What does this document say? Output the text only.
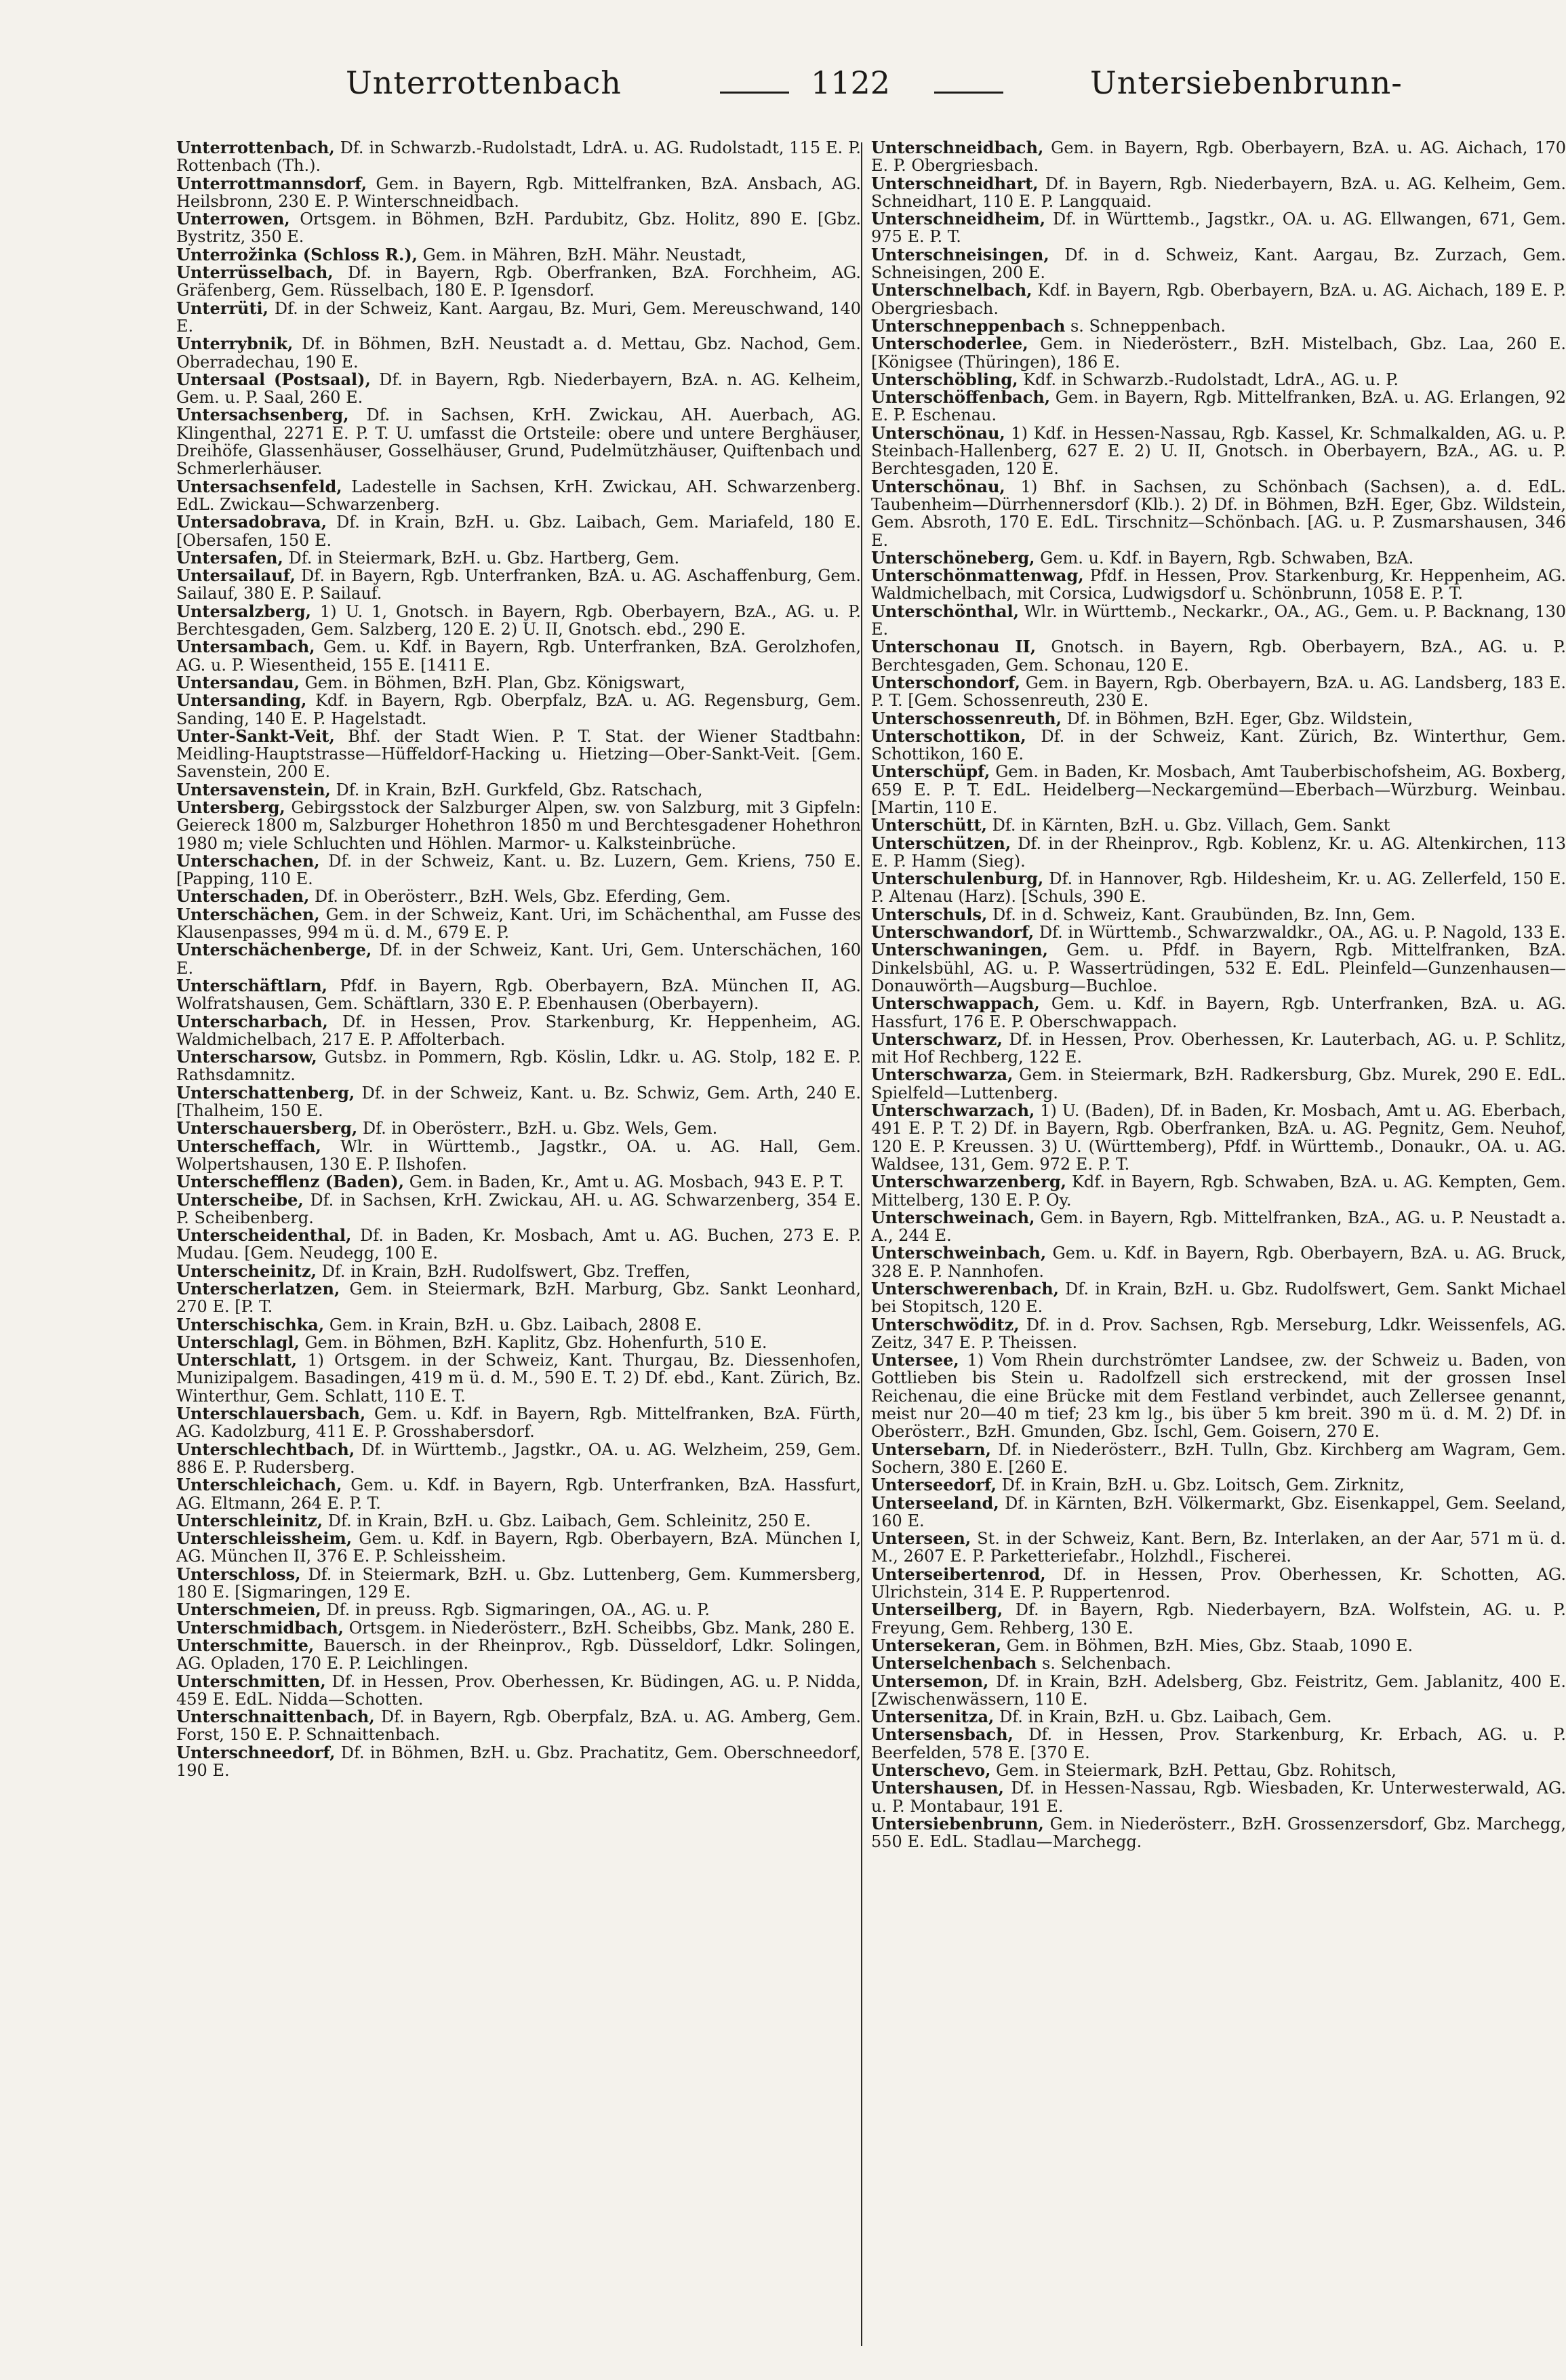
Unterrottenbach	1122	Untersiebenbrunn-

Unterrottenbach, Df. in Schwarzb.-Rudolstadt, LdrA. u. AG. Rudolstadt, 115 E. P. Rottenbach (Th.).

Unterrottmannsdorf, Gem. in Bayern, Rgb. Mittelfranken, BzA. Ansbach, AG. Heilsbronn, 230 E. P. Winterschneidbach.

Unterrowen, Ortsgem. in Böhmen, BzH. Pardubitz, Gbz. Holitz, 890 E. [Gbz. Bystritz, 350 E.

Unterrožinka (Schloss R.), Gem. in Mähren, BzH. Mähr. Neustadt,

Unterrüsselbach, Df. in Bayern, Rgb. Oberfranken, BzA. Forchheim, AG. Gräfenberg, Gem. Rüsselbach, 180 E. P. Igensdorf.

Unterrüti, Df. in der Schweiz, Kant. Aargau, Bz. Muri, Gem. Mereuschwand, 140 E.

Unterrybnik, Df. in Böhmen, BzH. Neustadt a. d. Mettau, Gbz. Nachod, Gem. Oberradechau, 190 E.

Untersaal (Postsaal), Df. in Bayern, Rgb. Niederbayern, BzA. n. AG. Kelheim, Gem. u. P. Saal, 260 E.

Untersachsenberg, Df. in Sachsen, KrH. Zwickau, AH. Auerbach, AG. Klingenthal, 2271 E. P. T. U. umfasst die Ortsteile: obere und untere Berghäuser, Dreihöfe, Glassenhäuser, Gosselhäuser, Grund, Pudelmützhäuser, Quiftenbach und Schmerlerhäuser.

Untersachsenfeld, Ladestelle in Sachsen, KrH. Zwickau, AH. Schwarzenberg. EdL. Zwickau—Schwarzenberg.

Untersadobrava, Df. in Krain, BzH. u. Gbz. Laibach, Gem. Mariafeld, 180 E. [Obersafen, 150 E.

Untersafen, Df. in Steiermark, BzH. u. Gbz. Hartberg, Gem.

Untersailauf, Df. in Bayern, Rgb. Unterfranken, BzA. u. AG. Aschaffenburg, Gem. Sailauf, 380 E. P. Sailauf.

Untersalzberg, 1) U. 1, Gnotsch. in Bayern, Rgb. Oberbayern, BzA., AG. u. P. Berchtesgaden, Gem. Salzberg, 120 E. 2) U. II, Gnotsch. ebd., 290 E.

Untersambach, Gem. u. Kdf. in Bayern, Rgb. Unterfranken, BzA. Gerolzhofen, AG. u. P. Wiesentheid, 155 E. [1411 E.

Untersandau, Gem. in Böhmen, BzH. Plan, Gbz. Königswart,

Untersanding, Kdf. in Bayern, Rgb. Oberpfalz, BzA. u. AG. Regensburg, Gem. Sanding, 140 E. P. Hagelstadt.

Unter-Sankt-Veit, Bhf. der Stadt Wien. P. T. Stat. der Wiener Stadtbahn: Meidling-Hauptstrasse—Hüffeldorf-Hacking u. Hietzing—Ober-Sankt-Veit. [Gem. Savenstein, 200 E.

Untersavenstein, Df. in Krain, BzH. Gurkfeld, Gbz. Ratschach,

Untersberg, Gebirgsstock der Salzburger Alpen, sw. von Salzburg, mit 3 Gipfeln: Geiereck 1800 m, Salzburger Hohethron 1850 m und Berchtesgadener Hohethron 1980 m; viele Schluchten und Höhlen. Marmor- u. Kalksteinbrüche.

Unterschachen, Df. in der Schweiz, Kant. u. Bz. Luzern, Gem. Kriens, 750 E. [Papping, 110 E.

Unterschaden, Df. in Oberösterr., BzH. Wels, Gbz. Eferding, Gem.

Unterschächen, Gem. in der Schweiz, Kant. Uri, im Schächenthal, am Fusse des Klausenpasses, 994 m ü. d. M., 679 E. P.

Unterschächenberge, Df. in der Schweiz, Kant. Uri, Gem. Unterschächen, 160 E.

Unterschäftlarn, Pfdf. in Bayern, Rgb. Oberbayern, BzA. München II, AG. Wolfratshausen, Gem. Schäftlarn, 330 E. P. Ebenhausen (Oberbayern).

Unterscharbach, Df. in Hessen, Prov. Starkenburg, Kr. Heppenheim, AG. Waldmichelbach, 217 E. P. Affolterbach.

Unterscharsow, Gutsbz. in Pommern, Rgb. Köslin, Ldkr. u. AG. Stolp, 182 E. P. Rathsdamnitz.

Unterschattenberg, Df. in der Schweiz, Kant. u. Bz. Schwiz, Gem. Arth, 240 E. [Thalheim, 150 E.

Unterschauersberg, Df. in Oberösterr., BzH. u. Gbz. Wels, Gem.

Unterscheffach, Wlr. in Württemb., Jagstkr., OA. u. AG. Hall, Gem. Wolpertshausen, 130 E. P. Ilshofen.

Unterschefflenz (Baden), Gem. in Baden, Kr., Amt u. AG. Mosbach, 943 E. P. T.

Unterscheibe, Df. in Sachsen, KrH. Zwickau, AH. u. AG. Schwarzenberg, 354 E. P. Scheibenberg.

Unterscheidenthal, Df. in Baden, Kr. Mosbach, Amt u. AG. Buchen, 273 E. P. Mudau. [Gem. Neudegg, 100 E.

Unterscheinitz, Df. in Krain, BzH. Rudolfswert, Gbz. Treffen,

Unterscherlatzen, Gem. in Steiermark, BzH. Marburg, Gbz. Sankt Leonhard, 270 E. [P. T.

Unterschischka, Gem. in Krain, BzH. u. Gbz. Laibach, 2808 E.

Unterschlagl, Gem. in Böhmen, BzH. Kaplitz, Gbz. Hohenfurth, 510 E.

Unterschlatt, 1) Ortsgem. in der Schweiz, Kant. Thurgau, Bz. Diessenhofen, Munizipalgem. Basadingen, 419 m ü. d. M., 590 E. T. 2) Df. ebd., Kant. Zürich, Bz. Winterthur, Gem. Schlatt, 110 E. T.

Unterschlauersbach, Gem. u. Kdf. in Bayern, Rgb. Mittelfranken, BzA. Fürth, AG. Kadolzburg, 411 E. P. Grosshabersdorf.

Unterschlechtbach, Df. in Württemb., Jagstkr., OA. u. AG. Welzheim, 259, Gem. 886 E. P. Rudersberg.

Unterschleichach, Gem. u. Kdf. in Bayern, Rgb. Unterfranken, BzA. Hassfurt, AG. Eltmann, 264 E. P. T.

Unterschleinitz, Df. in Krain, BzH. u. Gbz. Laibach, Gem. Schleinitz, 250 E.

Unterschleissheim, Gem. u. Kdf. in Bayern, Rgb. Oberbayern, BzA. München I, AG. München II, 376 E. P. Schleissheim.

Unterschloss, Df. in Steiermark, BzH. u. Gbz. Luttenberg, Gem. Kummersberg, 180 E. [Sigmaringen, 129 E.

Unterschmeien, Df. in preuss. Rgb. Sigmaringen, OA., AG. u. P.

Unterschmidbach, Ortsgem. in Niederösterr., BzH. Scheibbs, Gbz. Mank, 280 E.

Unterschmitte, Bauersch. in der Rheinprov., Rgb. Düsseldorf, Ldkr. Solingen, AG. Opladen, 170 E. P. Leichlingen.

Unterschmitten, Df. in Hessen, Prov. Oberhessen, Kr. Büdingen, AG. u. P. Nidda, 459 E. EdL. Nidda—Schotten.

Unterschnaittenbach, Df. in Bayern, Rgb. Oberpfalz, BzA. u. AG. Amberg, Gem. Forst, 150 E. P. Schnaittenbach.

Unterschneedorf, Df. in Böhmen, BzH. u. Gbz. Prachatitz, Gem. Oberschneedorf, 190 E.

Unterschneidbach, Gem. in Bayern, Rgb. Oberbayern, BzA. u. AG. Aichach, 170 E. P. Obergriesbach.

Unterschneidhart, Df. in Bayern, Rgb. Niederbayern, BzA. u. AG. Kelheim, Gem. Schneidhart, 110 E. P. Langquaid.

Unterschneidheim, Df. in Württemb., Jagstkr., OA. u. AG. Ellwangen, 671, Gem. 975 E. P. T.

Unterschneisingen, Df. in d. Schweiz, Kant. Aargau, Bz. Zurzach, Gem. Schneisingen, 200 E.

Unterschnelbach, Kdf. in Bayern, Rgb. Oberbayern, BzA. u. AG. Aichach, 189 E. P. Obergriesbach.

Unterschneppenbach s. Schneppenbach.

Unterschoderlee, Gem. in Niederösterr., BzH. Mistelbach, Gbz. Laa, 260 E. [Königsee (Thüringen), 186 E.

Unterschöbling, Kdf. in Schwarzb.-Rudolstadt, LdrA., AG. u. P.

Unterschöffenbach, Gem. in Bayern, Rgb. Mittelfranken, BzA. u. AG. Erlangen, 92 E. P. Eschenau.

Unterschönau, 1) Kdf. in Hessen-Nassau, Rgb. Kassel, Kr. Schmalkalden, AG. u. P. Steinbach-Hallenberg, 627 E. 2) U. II, Gnotsch. in Oberbayern, BzA., AG. u. P. Berchtesgaden, 120 E.

Unterschönau, 1) Bhf. in Sachsen, zu Schönbach (Sachsen), a. d. EdL. Taubenheim—Dürrhennersdorf (Klb.). 2) Df. in Böhmen, BzH. Eger, Gbz. Wildstein, Gem. Absroth, 170 E. EdL. Tirschnitz—Schönbach. [AG. u. P. Zusmarshausen, 346 E.

Unterschöneberg, Gem. u. Kdf. in Bayern, Rgb. Schwaben, BzA.

Unterschönmattenwag, Pfdf. in Hessen, Prov. Starkenburg, Kr. Heppenheim, AG. Waldmichelbach, mit Corsica, Ludwigsdorf u. Schönbrunn, 1058 E. P. T.

Unterschönthal, Wlr. in Württemb., Neckarkr., OA., AG., Gem. u. P. Backnang, 130 E.

Unterschonau II, Gnotsch. in Bayern, Rgb. Oberbayern, BzA., AG. u. P. Berchtesgaden, Gem. Schonau, 120 E.

Unterschondorf, Gem. in Bayern, Rgb. Oberbayern, BzA. u. AG. Landsberg, 183 E. P. T. [Gem. Schossenreuth, 230 E.

Unterschossenreuth, Df. in Böhmen, BzH. Eger, Gbz. Wildstein,

Unterschottikon, Df. in der Schweiz, Kant. Zürich, Bz. Winterthur, Gem. Schottikon, 160 E.

Unterschüpf, Gem. in Baden, Kr. Mosbach, Amt Tauberbischofsheim, AG. Boxberg, 659 E. P. T. EdL. Heidelberg—Neckargemünd—Eberbach—Würzburg. Weinbau. [Martin, 110 E.

Unterschütt, Df. in Kärnten, BzH. u. Gbz. Villach, Gem. Sankt

Unterschützen, Df. in der Rheinprov., Rgb. Koblenz, Kr. u. AG. Altenkirchen, 113 E. P. Hamm (Sieg).

Unterschulenburg, Df. in Hannover, Rgb. Hildesheim, Kr. u. AG. Zellerfeld, 150 E. P. Altenau (Harz). [Schuls, 390 E.

Unterschuls, Df. in d. Schweiz, Kant. Graubünden, Bz. Inn, Gem.

Unterschwandorf, Df. in Württemb., Schwarzwaldkr., OA., AG. u. P. Nagold, 133 E.

Unterschwaningen, Gem. u. Pfdf. in Bayern, Rgb. Mittelfranken, BzA. Dinkelsbühl, AG. u. P. Wassertrüdingen, 532 E. EdL. Pleinfeld—Gunzenhausen—Donauwörth—Augsburg—Buchloe.

Unterschwappach, Gem. u. Kdf. in Bayern, Rgb. Unterfranken, BzA. u. AG. Hassfurt, 176 E. P. Oberschwappach.

Unterschwarz, Df. in Hessen, Prov. Oberhessen, Kr. Lauterbach, AG. u. P. Schlitz, mit Hof Rechberg, 122 E.

Unterschwarza, Gem. in Steiermark, BzH. Radkersburg, Gbz. Murek, 290 E. EdL. Spielfeld—Luttenberg.

Unterschwarzach, 1) U. (Baden), Df. in Baden, Kr. Mosbach, Amt u. AG. Eberbach, 491 E. P. T. 2) Df. in Bayern, Rgb. Oberfranken, BzA. u. AG. Pegnitz, Gem. Neuhof, 120 E. P. Kreussen. 3) U. (Württemberg), Pfdf. in Württemb., Donaukr., OA. u. AG. Waldsee, 131, Gem. 972 E. P. T.

Unterschwarzenberg, Kdf. in Bayern, Rgb. Schwaben, BzA. u. AG. Kempten, Gem. Mittelberg, 130 E. P. Oy.

Unterschweinach, Gem. in Bayern, Rgb. Mittelfranken, BzA., AG. u. P. Neustadt a. A., 244 E.

Unterschweinbach, Gem. u. Kdf. in Bayern, Rgb. Oberbayern, BzA. u. AG. Bruck, 328 E. P. Nannhofen.

Unterschwerenbach, Df. in Krain, BzH. u. Gbz. Rudolfswert, Gem. Sankt Michael bei Stopitsch, 120 E.

Unterschwöditz, Df. in d. Prov. Sachsen, Rgb. Merseburg, Ldkr. Weissenfels, AG. Zeitz, 347 E. P. Theissen.

Untersee, 1) Vom Rhein durchströmter Landsee, zw. der Schweiz u. Baden, von Gottlieben bis Stein u. Radolfzell sich erstreckend, mit der grossen Insel Reichenau, die eine Brücke mit dem Festland verbindet, auch Zellersee genannt, meist nur 20—40 m tief; 23 km lg., bis über 5 km breit. 390 m ü. d. M. 2) Df. in Oberösterr., BzH. Gmunden, Gbz. Ischl, Gem. Goisern, 270 E.

Untersebarn, Df. in Niederösterr., BzH. Tulln, Gbz. Kirchberg am Wagram, Gem. Sochern, 380 E. [260 E.

Unterseedorf, Df. in Krain, BzH. u. Gbz. Loitsch, Gem. Zirknitz,

Unterseeland, Df. in Kärnten, BzH. Völkermarkt, Gbz. Eisenkappel, Gem. Seeland, 160 E.

Unterseen, St. in der Schweiz, Kant. Bern, Bz. Interlaken, an der Aar, 571 m ü. d. M., 2607 E. P. Parketteriefabr., Holzhdl., Fischerei.

Unterseibertenrod, Df. in Hessen, Prov. Oberhessen, Kr. Schotten, AG. Ulrichstein, 314 E. P. Ruppertenrod.

Unterseilberg, Df. in Bayern, Rgb. Niederbayern, BzA. Wolfstein, AG. u. P. Freyung, Gem. Rehberg, 130 E.

Untersekeran, Gem. in Böhmen, BzH. Mies, Gbz. Staab, 1090 E.

Unterselchenbach s. Selchenbach.

Untersemon, Df. in Krain, BzH. Adelsberg, Gbz. Feistritz, Gem. Jablanitz, 400 E. [Zwischenwässern, 110 E.

Untersenitza, Df. in Krain, BzH. u. Gbz. Laibach, Gem.

Untersensbach, Df. in Hessen, Prov. Starkenburg, Kr. Erbach, AG. u. P. Beerfelden, 578 E. [370 E.

Unterschevo, Gem. in Steiermark, BzH. Pettau, Gbz. Rohitsch,

Untershausen, Df. in Hessen-Nassau, Rgb. Wiesbaden, Kr. Unterwesterwald, AG. u. P. Montabaur, 191 E.

Untersiebenbrunn, Gem. in Niederösterr., BzH. Grossenzersdorf, Gbz. Marchegg, 550 E. EdL. Stadlau—Marchegg.
